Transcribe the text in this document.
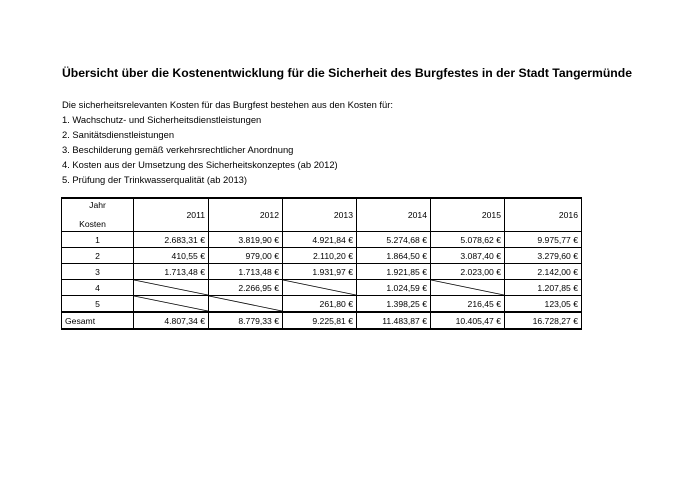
Übersicht über die Kostenentwicklung für die Sicherheit des Burgfestes in der Stadt Tangermünde
Die sicherheitsrelevanten Kosten für das Burgfest bestehen aus den Kosten für:
1. Wachschutz- und Sicherheitsdienstleistungen
2. Sanitätsdienstleistungen
3. Beschilderung gemäß verkehrsrechtlicher Anordnung
4. Kosten aus der Umsetzung des Sicherheitskonzeptes (ab 2012)
5. Prüfung der Trinkwasserqualität (ab 2013)
Jahr
Kosten	2011	2012	2013	2014	2015	2016
1	2.683,31 €	3.819,90 €	4.921,84 €	5.274,68 €	5.078,62 €	9.975,77 €
2	410,55 €	979,00 €	2.110,20 €	1.864,50 €	3.087,40 €	3.279,60 €
3	1.713,48 €	1.713,48 €	1.931,97 €	1.921,85 €	2.023,00 €	2.142,00 €
4		2.266,95 €		1.024,59 €		1.207,85 €
5			261,80 €	1.398,25 €	216,45 €	123,05 €
Gesamt	4.807,34 €	8.779,33 €	9.225,81 €	11.483,87 €	10.405,47 €	16.728,27 €
